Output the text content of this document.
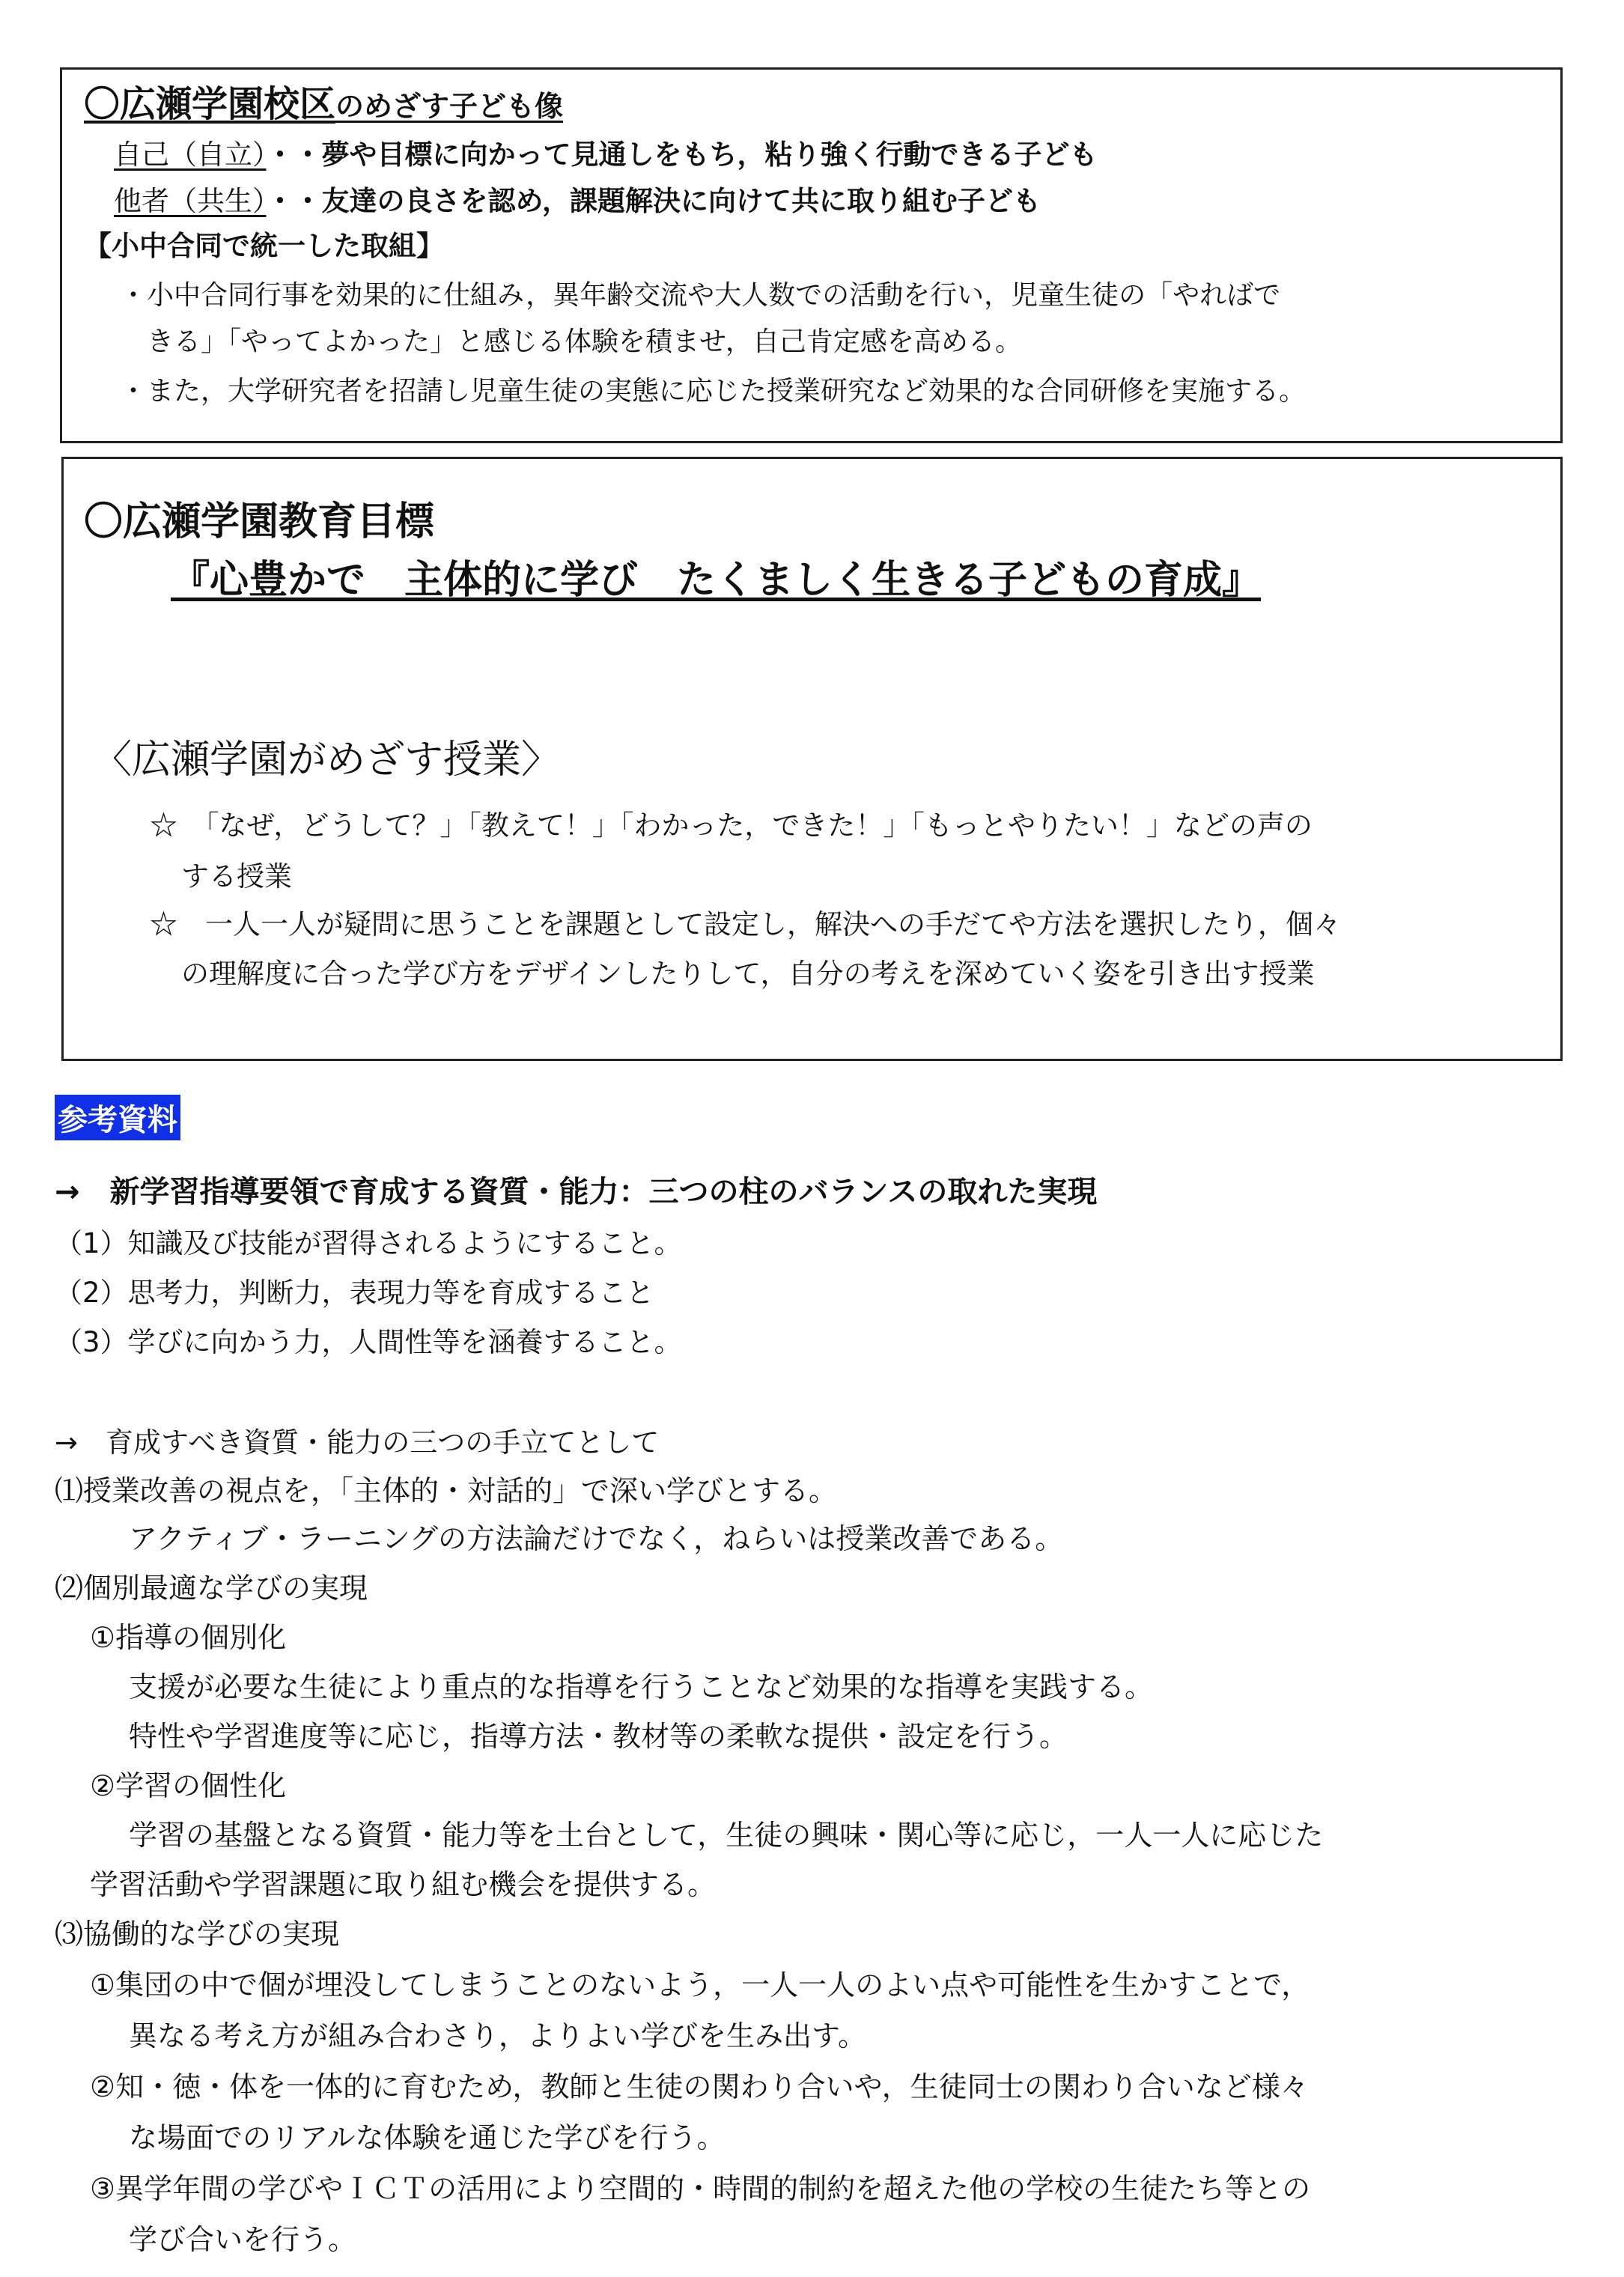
〇広瀬学園校区のめざす子ども像
自己（自立）・・夢や目標に向かって見通しをもち，粘り強く行動できる子ども
他者（共生）・・友達の良さを認め，課題解決に向けて共に取り組む子ども
【小中合同で統一した取組】
・小中合同行事を効果的に仕組み，異年齢交流や大人数での活動を行い，児童生徒の「やればで
きる」「やってよかった」と感じる体験を積ませ，自己肯定感を高める。
・また，大学研究者を招請し児童生徒の実態に応じた授業研究など効果的な合同研修を実施する。
〇広瀬学園教育目標
『心豊かで　主体的に学び　たくましく生きる子どもの育成』
〈広瀬学園がめざす授業〉
☆　「なぜ，どうして？」「教えて！」「わかった，できた！」「もっとやりたい！」などの声の
する授業
☆　一人一人が疑問に思うことを課題として設定し，解決への手だてや方法を選択したり，個々
の理解度に合った学び方をデザインしたりして，自分の考えを深めていく姿を引き出す授業
参考資料
→　新学習指導要領で育成する資質・能力：三つの柱のバランスの取れた実現
（1）知識及び技能が習得されるようにすること。
（2）思考力，判断力，表現力等を育成すること
（3）学びに向かう力，人間性等を涵養すること。
→　育成すべき資質・能力の三つの手立てとして
⑴授業改善の視点を，「主体的・対話的」で深い学びとする。
アクティブ・ラーニングの方法論だけでなく，ねらいは授業改善である。
⑵個別最適な学びの実現
①指導の個別化
支援が必要な生徒により重点的な指導を行うことなど効果的な指導を実践する。
特性や学習進度等に応じ，指導方法・教材等の柔軟な提供・設定を行う。
②学習の個性化
学習の基盤となる資質・能力等を土台として，生徒の興味・関心等に応じ，一人一人に応じた
学習活動や学習課題に取り組む機会を提供する。
⑶協働的な学びの実現
①集団の中で個が埋没してしまうことのないよう，一人一人のよい点や可能性を生かすことで，
異なる考え方が組み合わさり，よりよい学びを生み出す。
②知・徳・体を一体的に育むため，教師と生徒の関わり合いや，生徒同士の関わり合いなど様々
な場面でのリアルな体験を通じた学びを行う。
③異学年間の学びやＩＣＴの活用により空間的・時間的制約を超えた他の学校の生徒たち等との
学び合いを行う。
